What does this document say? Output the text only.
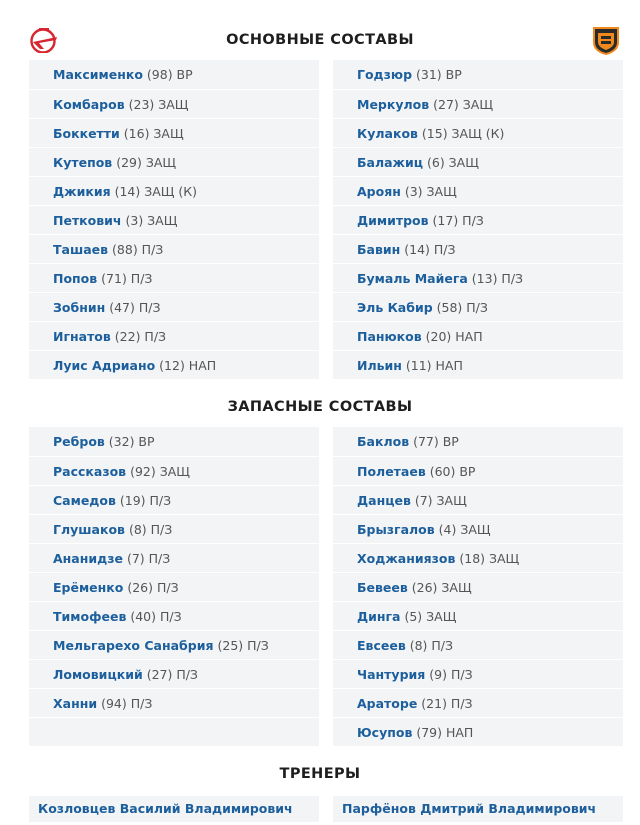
ОСНОВНЫЕ СОСТАВЫ
Максименко (98) ВР
Комбаров (23) ЗАЩ
Боккетти (16) ЗАЩ
Кутепов (29) ЗАЩ
Джикия (14) ЗАЩ (К)
Петкович (3) ЗАЩ
Ташаев (88) П/З
Попов (71) П/З
Зобнин (47) П/З
Игнатов (22) П/З
Луис Адриано (12) НАП
Годзюр (31) ВР
Меркулов (27) ЗАЩ
Кулаков (15) ЗАЩ (К)
Балажиц (6) ЗАЩ
Ароян (3) ЗАЩ
Димитров (17) П/З
Бавин (14) П/З
Бумаль Майега (13) П/З
Эль Кабир (58) П/З
Панюков (20) НАП
Ильин (11) НАП
ЗАПАСНЫЕ СОСТАВЫ
Ребров (32) ВР
Рассказов (92) ЗАЩ
Самедов (19) П/З
Глушаков (8) П/З
Ананидзе (7) П/З
Ерёменко (26) П/З
Тимофеев (40) П/З
Мельгарехо Санабрия (25) П/З
Ломовицкий (27) П/З
Ханни (94) П/З
Баклов (77) ВР
Полетаев (60) ВР
Данцев (7) ЗАЩ
Брызгалов (4) ЗАЩ
Ходжаниязов (18) ЗАЩ
Бевеев (26) ЗАЩ
Динга (5) ЗАЩ
Евсеев (8) П/З
Чантурия (9) П/З
Араторе (21) П/З
Юсупов (79) НАП
ТРЕНЕРЫ
Козловцев Василий Владимирович	Парфёнов Дмитрий Владимирович
